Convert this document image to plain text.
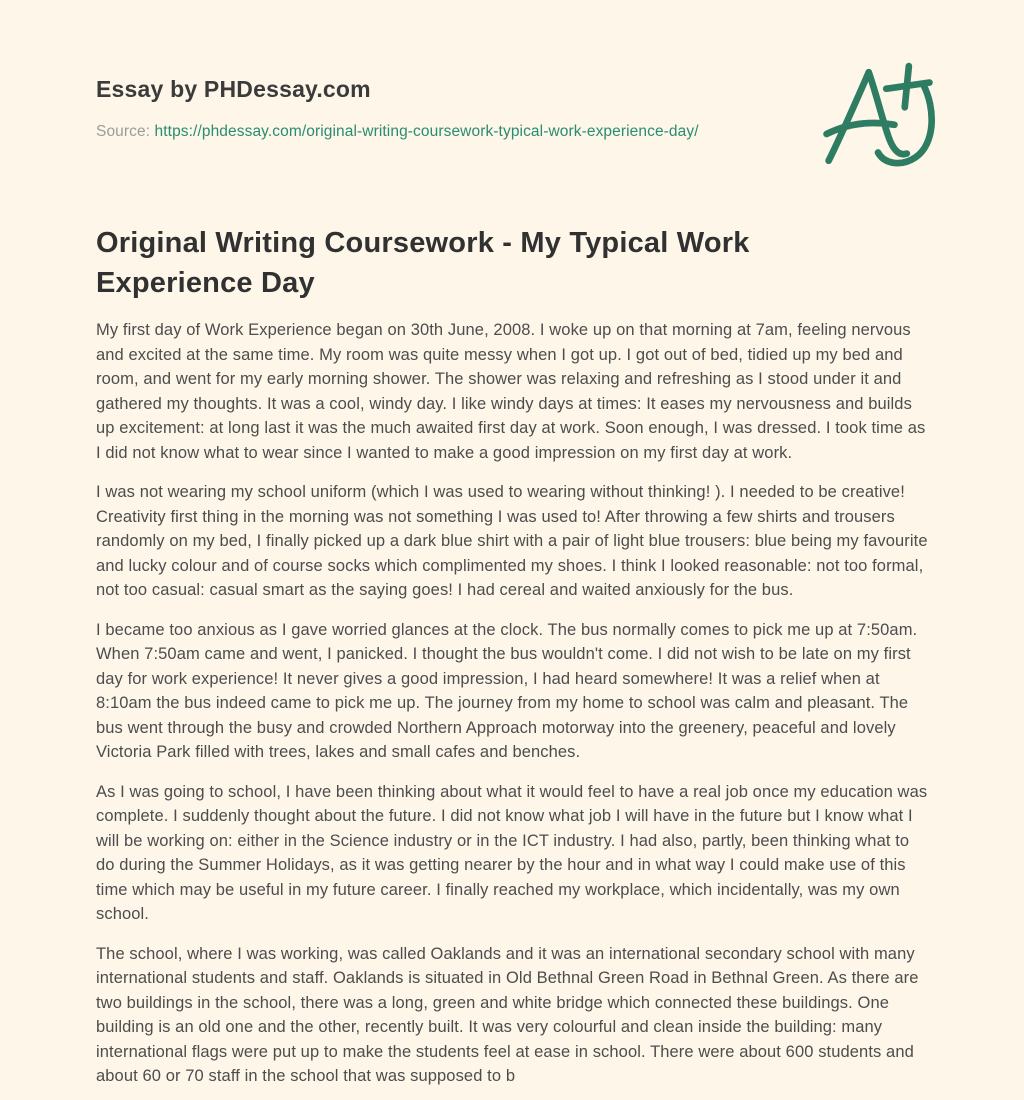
Essay by PHDessay.com
Source: https://phdessay.com/original-writing-coursework-typical-work-experience-day/
Original Writing Coursework - My Typical Work Experience Day

My first day of Work Experience began on 30th June, 2008. I woke up on that morning at 7am, feeling nervous and excited at the same time. My room was quite messy when I got up. I got out of bed, tidied up my bed and room, and went for my early morning shower. The shower was relaxing and refreshing as I stood under it and gathered my thoughts. It was a cool, windy day. I like windy days at times: It eases my nervousness and builds up excitement: at long last it was the much awaited first day at work. Soon enough, I was dressed. I took time as I did not know what to wear since I wanted to make a good impression on my first day at work.

I was not wearing my school uniform (which I was used to wearing without thinking! ). I needed to be creative! Creativity first thing in the morning was not something I was used to! After throwing a few shirts and trousers randomly on my bed, I finally picked up a dark blue shirt with a pair of light blue trousers: blue being my favourite and lucky colour and of course socks which complimented my shoes. I think I looked reasonable: not too formal, not too casual: casual smart as the saying goes! I had cereal and waited anxiously for the bus.

I became too anxious as I gave worried glances at the clock. The bus normally comes to pick me up at 7:50am. When 7:50am came and went, I panicked. I thought the bus wouldn't come. I did not wish to be late on my first day for work experience! It never gives a good impression, I had heard somewhere! It was a relief when at 8:10am the bus indeed came to pick me up. The journey from my home to school was calm and pleasant. The bus went through the busy and crowded Northern Approach motorway into the greenery, peaceful and lovely Victoria Park filled with trees, lakes and small cafes and benches.

As I was going to school, I have been thinking about what it would feel to have a real job once my education was complete. I suddenly thought about the future. I did not know what job I will have in the future but I know what I will be working on: either in the Science industry or in the ICT industry. I had also, partly, been thinking what to do during the Summer Holidays, as it was getting nearer by the hour and in what way I could make use of this time which may be useful in my future career. I finally reached my workplace, which incidentally, was my own school.

The school, where I was working, was called Oaklands and it was an international secondary school with many international students and staff. Oaklands is situated in Old Bethnal Green Road in Bethnal Green. As there are two buildings in the school, there was a long, green and white bridge which connected these buildings. One building is an old one and the other, recently built. It was very colourful and clean inside the building: many international flags were put up to make the students feel at ease in school. There were about 600 students and about 60 or 70 staff in the school that was supposed to b
